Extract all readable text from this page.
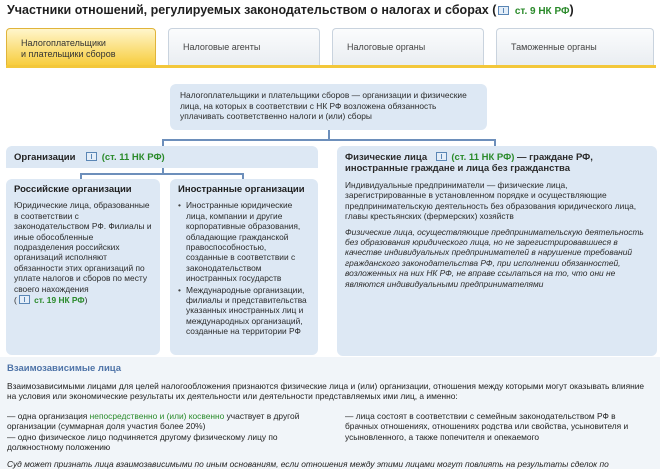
Участники отношений, регулируемых законодательством о налогах и сборах ( ст. 9 НК РФ)
Налогоплательщики
и плательщики сборов
Налоговые агенты	Налоговые органы	Таможенные органы
Налогоплательщики и плательщики сборов — организации и физические лица, на которых в соответствии с НК РФ возложена обязанность уплачивать соответственно налоги и (или) сборы
Организации	(ст. 11 НК РФ)
Российские организации
Юридические лица, образованные в соответствии с законодательством РФ. Филиалы и иные обособленные подразделения российских организаций исполняют обязанности этих организаций по уплате налогов и сборов по месту своего нахождения
( ст. 19 НК РФ)
Иностранные организации
• Иностранные юридические лица, компании и другие корпоративные образования, обладающие гражданской правоспособностью, созданные в соответствии с законодательством иностранных государств
• Международные организации, филиалы и представительства указанных иностранных лиц и международных организаций, созданные на территории РФ
Физические лица	(ст. 11 НК РФ) — граждане РФ, иностранные граждане и лица без гражданства
Индивидуальные предприниматели — физические лица, зарегистрированные в установленном порядке и осуществляющие предпринимательскую деятельность без образования юридического лица, главы крестьянских (фермерских) хозяйств
Физические лица, осуществляющие предпринимательскую деятельность без образования юридического лица, но не зарегистрировавшиеся в качестве индивидуальных предпринимателей в нарушение требований гражданского законодательства РФ, при исполнении обязанностей, возложенных на них НК РФ, не вправе ссылаться на то, что они не являются индивидуальными предпринимателями
Взаимозависимые лица
Взаимозависимыми лицами для целей налогообложения признаются физические лица и (или) организации, отношения между которыми могут оказывать влияние на условия или экономические результаты их деятельности или деятельности представляемых ими лиц, а именно:
— одна организация непосредственно и (или) косвенно участвует в другой организации (суммарная доля участия более 20%)
— одно физическое лицо подчиняется другому физическому лицу по должностному положению
— лица состоят в соответствии с семейным законодательством РФ в брачных отношениях, отношениях родства или свойства, усыновителя и усыновленного, а также попечителя и опекаемого
Суд может признать лица взаимозависимыми по иным основаниям, если отношения между этими лицами могут повлиять на результаты сделок по
